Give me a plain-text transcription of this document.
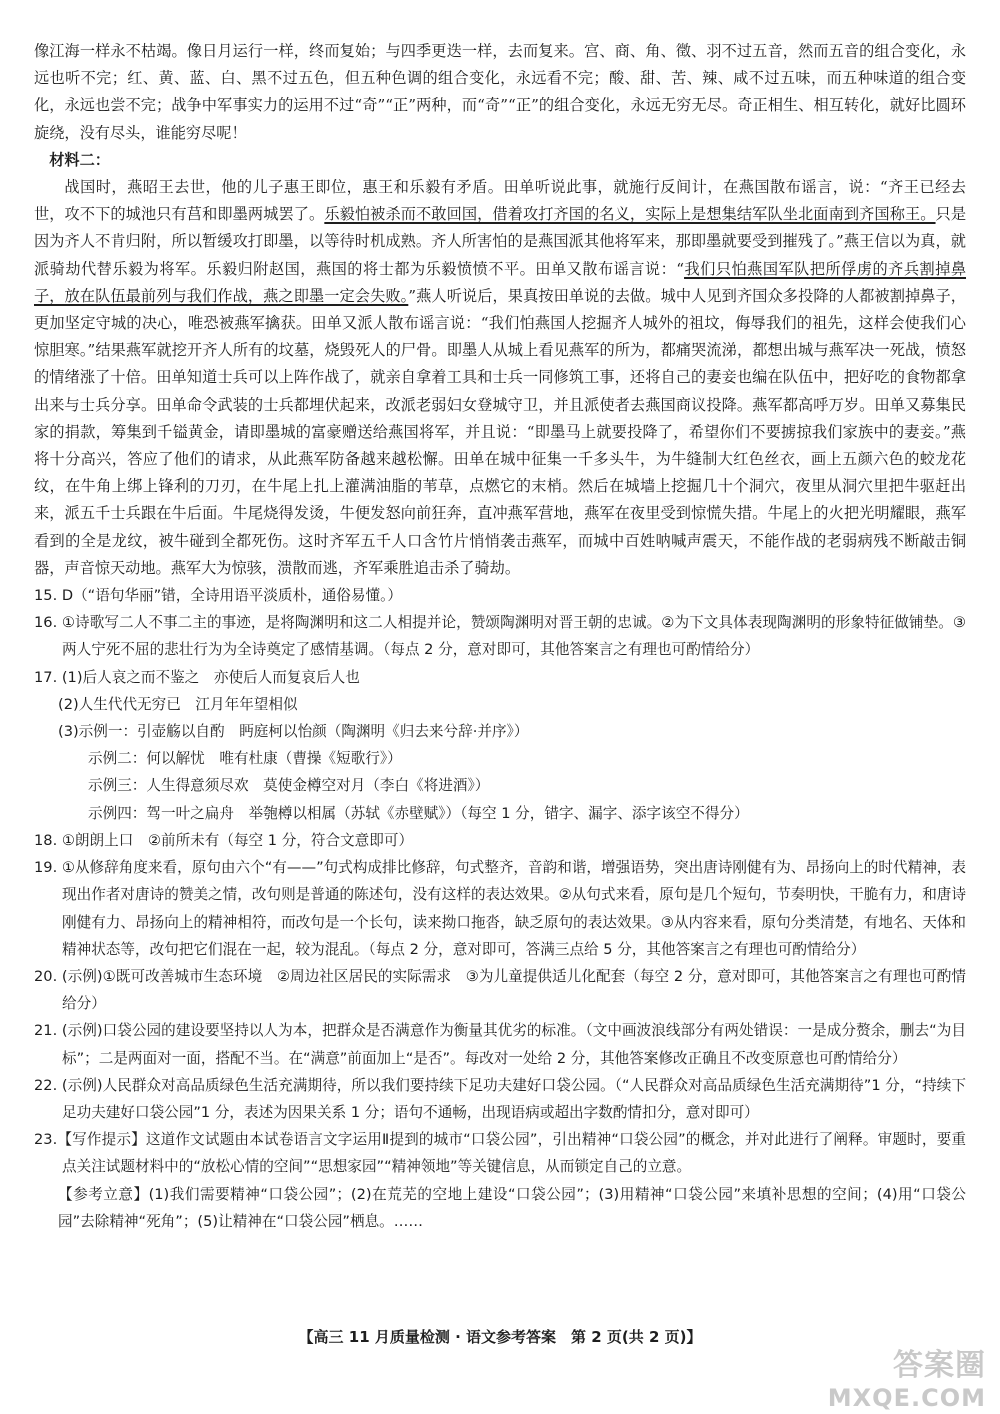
像江海一样永不枯竭。像日月运行一样，终而复始；与四季更迭一样，去而复来。宫、商、角、徵、羽不过五音，然而五音的组合变化，永远也听不完；红、黄、蓝、白、黑不过五色，但五种色调的组合变化，永远看不完；酸、甜、苦、辣、咸不过五味，而五种味道的组合变化，永远也尝不完；战争中军事实力的运用不过“奇”“正”两种，而“奇”“正”的组合变化，永远无穷无尽。奇正相生、相互转化，就好比圆环旋绕，没有尽头，谁能穷尽呢！

材料二：

战国时，燕昭王去世，他的儿子惠王即位，惠王和乐毅有矛盾。田单听说此事，就施行反间计，在燕国散布谣言，说：“齐王已经去世，攻不下的城池只有莒和即墨两城罢了。乐毅怕被杀而不敢回国，借着攻打齐国的名义，实际上是想集结军队坐北面南到齐国称王。只是因为齐人不肯归附，所以暂缓攻打即墨，以等待时机成熟。齐人所害怕的是燕国派其他将军来，那即墨就要受到摧残了。”燕王信以为真，就派骑劫代替乐毅为将军。乐毅归附赵国，燕国的将士都为乐毅愤愤不平。田单又散布谣言说：“我们只怕燕国军队把所俘虏的齐兵割掉鼻子，放在队伍最前列与我们作战，燕之即墨一定会失败。”燕人听说后，果真按田单说的去做。城中人见到齐国众多投降的人都被割掉鼻子，更加坚定守城的决心，唯恐被燕军擒获。田单又派人散布谣言说：“我们怕燕国人挖掘齐人城外的祖坟，侮辱我们的祖先，这样会使我们心惊胆寒。”结果燕军就挖开齐人所有的坟墓，烧毁死人的尸骨。即墨人从城上看见燕军的所为，都痛哭流涕，都想出城与燕军决一死战，愤怒的情绪涨了十倍。田单知道士兵可以上阵作战了，就亲自拿着工具和士兵一同修筑工事，还将自己的妻妾也编在队伍中，把好吃的食物都拿出来与士兵分享。田单命令武装的士兵都埋伏起来，改派老弱妇女登城守卫，并且派使者去燕国商议投降。燕军都高呼万岁。田单又募集民家的捐款，筹集到千镒黄金，请即墨城的富豪赠送给燕国将军，并且说：“即墨马上就要投降了，希望你们不要掳掠我们家族中的妻妾。”燕将十分高兴，答应了他们的请求，从此燕军防备越来越松懈。田单在城中征集一千多头牛，为牛缝制大红色丝衣，画上五颜六色的蛟龙花纹，在牛角上绑上锋利的刀刃，在牛尾上扎上灌满油脂的苇草，点燃它的末梢。然后在城墙上挖掘几十个洞穴，夜里从洞穴里把牛驱赶出来，派五千士兵跟在牛后面。牛尾烧得发烫，牛便发怒向前狂奔，直冲燕军营地，燕军在夜里受到惊慌失措。牛尾上的火把光明耀眼，燕军看到的全是龙纹，被牛碰到全都死伤。这时齐军五千人口含竹片悄悄袭击燕军，而城中百姓呐喊声震天，不能作战的老弱病残不断敲击铜器，声音惊天动地。燕军大为惊骇，溃散而逃，齐军乘胜追击杀了骑劫。

15. D（“语句华丽”错，全诗用语平淡质朴，通俗易懂。）

16. ①诗歌写二人不事二主的事迹，是将陶渊明和这二人相提并论，赞颂陶渊明对晋王朝的忠诚。②为下文具体表现陶渊明的形象特征做铺垫。③两人宁死不屈的悲壮行为为全诗奠定了感情基调。（每点 2 分，意对即可，其他答案言之有理也可酌情给分）

17. (1)后人哀之而不鉴之　亦使后人而复哀后人也

(2)人生代代无穷已　江月年年望相似

(3)示例一：引壶觞以自酌　眄庭柯以怡颜（陶渊明《归去来兮辞·并序》）

示例二：何以解忧　唯有杜康（曹操《短歌行》）

示例三：人生得意须尽欢　莫使金樽空对月（李白《将进酒》）

示例四：驾一叶之扁舟　举匏樽以相属（苏轼《赤壁赋》）（每空 1 分，错字、漏字、添字该空不得分）

18. ①朗朗上口　②前所未有（每空 1 分，符合文意即可）

19. ①从修辞角度来看，原句由六个“有——”句式构成排比修辞，句式整齐，音韵和谐，增强语势，突出唐诗刚健有为、昂扬向上的时代精神，表现出作者对唐诗的赞美之情，改句则是普通的陈述句，没有这样的表达效果。②从句式来看，原句是几个短句，节奏明快，干脆有力，和唐诗刚健有力、昂扬向上的精神相符，而改句是一个长句，读来拗口拖沓，缺乏原句的表达效果。③从内容来看，原句分类清楚，有地名、天体和精神状态等，改句把它们混在一起，较为混乱。（每点 2 分，意对即可，答满三点给 5 分，其他答案言之有理也可酌情给分）

20. (示例)①既可改善城市生态环境　②周边社区居民的实际需求　③为儿童提供适儿化配套（每空 2 分，意对即可，其他答案言之有理也可酌情给分）

21. (示例)口袋公园的建设要坚持以人为本，把群众是否满意作为衡量其优劣的标准。（文中画波浪线部分有两处错误：一是成分赘余，删去“为目标”；二是两面对一面，搭配不当。在“满意”前面加上“是否”。每改对一处给 2 分，其他答案修改正确且不改变原意也可酌情给分）

22. (示例)人民群众对高品质绿色生活充满期待，所以我们要持续下足功夫建好口袋公园。（“人民群众对高品质绿色生活充满期待”1 分，“持续下足功夫建好口袋公园”1 分，表述为因果关系 1 分；语句不通畅，出现语病或超出字数酌情扣分，意对即可）

23.【写作提示】这道作文试题由本试卷语言文字运用Ⅱ提到的城市“口袋公园”，引出精神“口袋公园”的概念，并对此进行了阐释。审题时，要重点关注试题材料中的“放松心情的空间”“思想家园”“精神领地”等关键信息，从而锁定自己的立意。

【参考立意】(1)我们需要精神“口袋公园”；(2)在荒芜的空地上建设“口袋公园”；(3)用精神“口袋公园”来填补思想的空间；(4)用“口袋公园”去除精神“死角”；(5)让精神在“口袋公园”栖息。……

【高三 11 月质量检测 · 语文参考答案　第 2 页(共 2 页)】
答案圈
MXQE.COM
